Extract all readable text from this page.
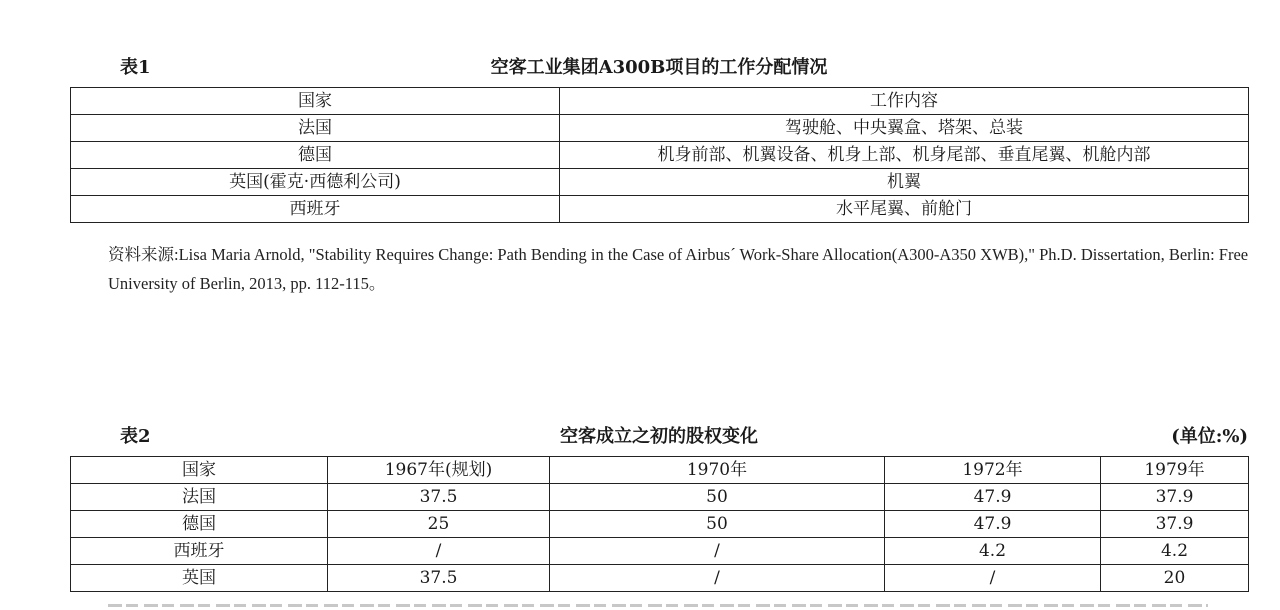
表1	空客工业集团A300B项目的工作分配情况
国家	工作内容
法国	驾驶舱、中央翼盒、塔架、总装
德国	机身前部、机翼设备、机身上部、机身尾部、垂直尾翼、机舱内部
英国(霍克·西德利公司)	机翼
西班牙	水平尾翼、前舱门
资料来源:Lisa Maria Arnold, "Stability Requires Change: Path Bending in the Case of Airbus´ Work-Share Allocation(A300-A350 XWB)," Ph.D. Dissertation, Berlin: Free University of Berlin, 2013, pp. 112-115。
表2	空客成立之初的股权变化	(单位:%)
国家	1967年(规划)	1970年	1972年	1979年
法国	37.5	50	47.9	37.9
德国	25	50	47.9	37.9
西班牙	/	/	4.2	4.2
英国	37.5	/	/	20
